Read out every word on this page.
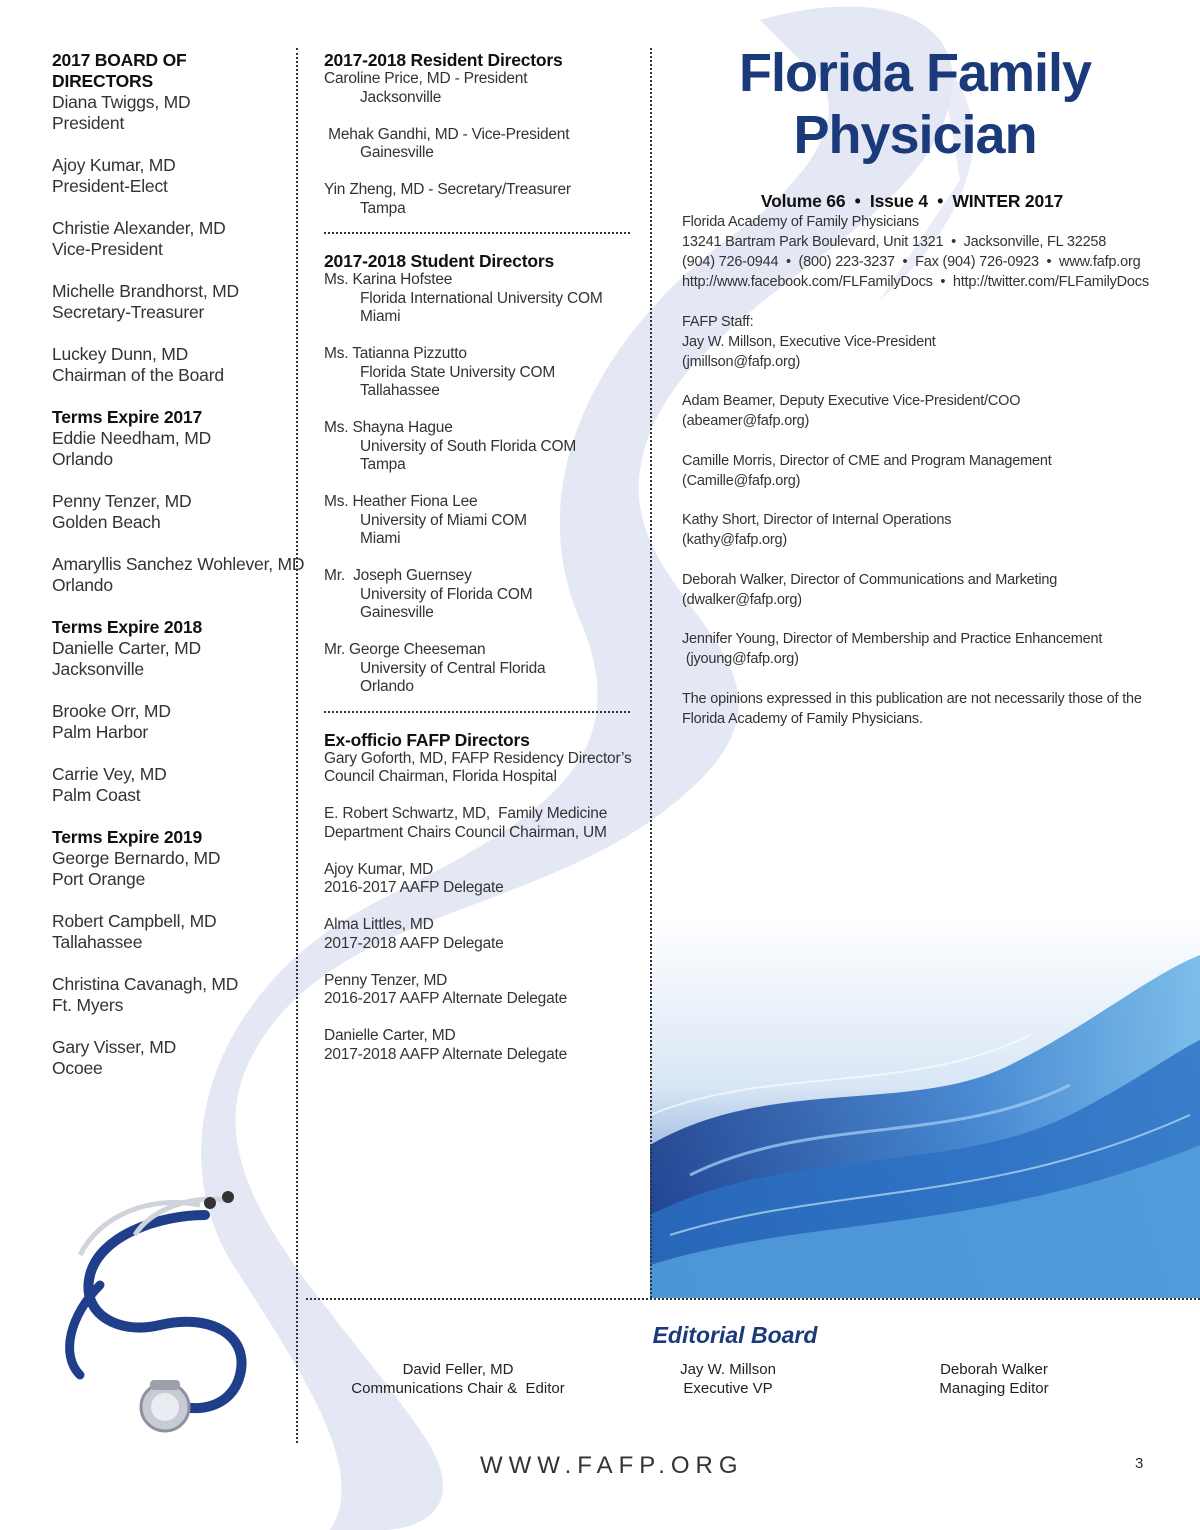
2017 BOARD OF DIRECTORS
Diana Twiggs, MD
President
Ajoy Kumar, MD
President-Elect
Christie Alexander, MD
Vice-President
Michelle Brandhorst, MD
Secretary-Treasurer
Luckey Dunn, MD
Chairman of the Board
Terms Expire 2017
Eddie Needham, MD
Orlando
Penny Tenzer, MD
Golden Beach
Amaryllis Sanchez Wohlever, MD
Orlando
Terms Expire 2018
Danielle Carter, MD
Jacksonville
Brooke Orr, MD
Palm Harbor
Carrie Vey, MD
Palm Coast
Terms Expire 2019
George Bernardo, MD
Port Orange
Robert Campbell, MD
Tallahassee
Christina Cavanagh, MD
Ft. Myers
Gary Visser, MD
Ocoee
2017-2018 Resident Directors
Caroline Price, MD - President
Jacksonville
Mehak Gandhi, MD - Vice-President
Gainesville
Yin Zheng, MD - Secretary/Treasurer
Tampa
2017-2018 Student Directors
Ms. Karina Hofstee
Florida International University COM
Miami
Ms. Tatianna Pizzutto
Florida State University COM
Tallahassee
Ms. Shayna Hague
University of South Florida COM
Tampa
Ms. Heather Fiona Lee
University of Miami COM
Miami
Mr.  Joseph Guernsey
University of Florida COM
Gainesville
Mr. George Cheeseman
University of Central Florida
Orlando
Ex-officio FAFP Directors
Gary Goforth, MD, FAFP Residency Director’s
Council Chairman, Florida Hospital
E. Robert Schwartz, MD,  Family Medicine
Department Chairs Council Chairman, UM
Ajoy Kumar, MD
2016-2017 AAFP Delegate
Alma Littles, MD
2017-2018 AAFP Delegate
Penny Tenzer, MD
2016-2017 AAFP Alternate Delegate
Danielle Carter, MD
2017-2018 AAFP Alternate Delegate
Florida Family
Physician
Volume 66  •  Issue 4  •  WINTER 2017
Florida Academy of Family Physicians
13241 Bartram Park Boulevard, Unit 1321  •  Jacksonville, FL 32258
(904) 726-0944  •  (800) 223-3237  •  Fax (904) 726-0923  •  www.fafp.org
http://www.facebook.com/FLFamilyDocs  •  http://twitter.com/FLFamilyDocs
FAFP Staff:
Jay W. Millson, Executive Vice-President
(jmillson@fafp.org)
Adam Beamer, Deputy Executive Vice-President/COO
(abeamer@fafp.org)
Camille Morris, Director of CME and Program Management
(Camille@fafp.org)
Kathy Short, Director of Internal Operations
(kathy@fafp.org)
Deborah Walker, Director of Communications and Marketing
(dwalker@fafp.org)
Jennifer Young, Director of Membership and Practice Enhancement
(jyoung@fafp.org)
The opinions expressed in this publication are not necessarily those of the
Florida Academy of Family Physicians.
Editorial Board
David Feller, MD
Communications Chair &  Editor
Jay W. Millson
Executive VP
Deborah Walker
Managing Editor
WWW.FAFP.ORG	3
